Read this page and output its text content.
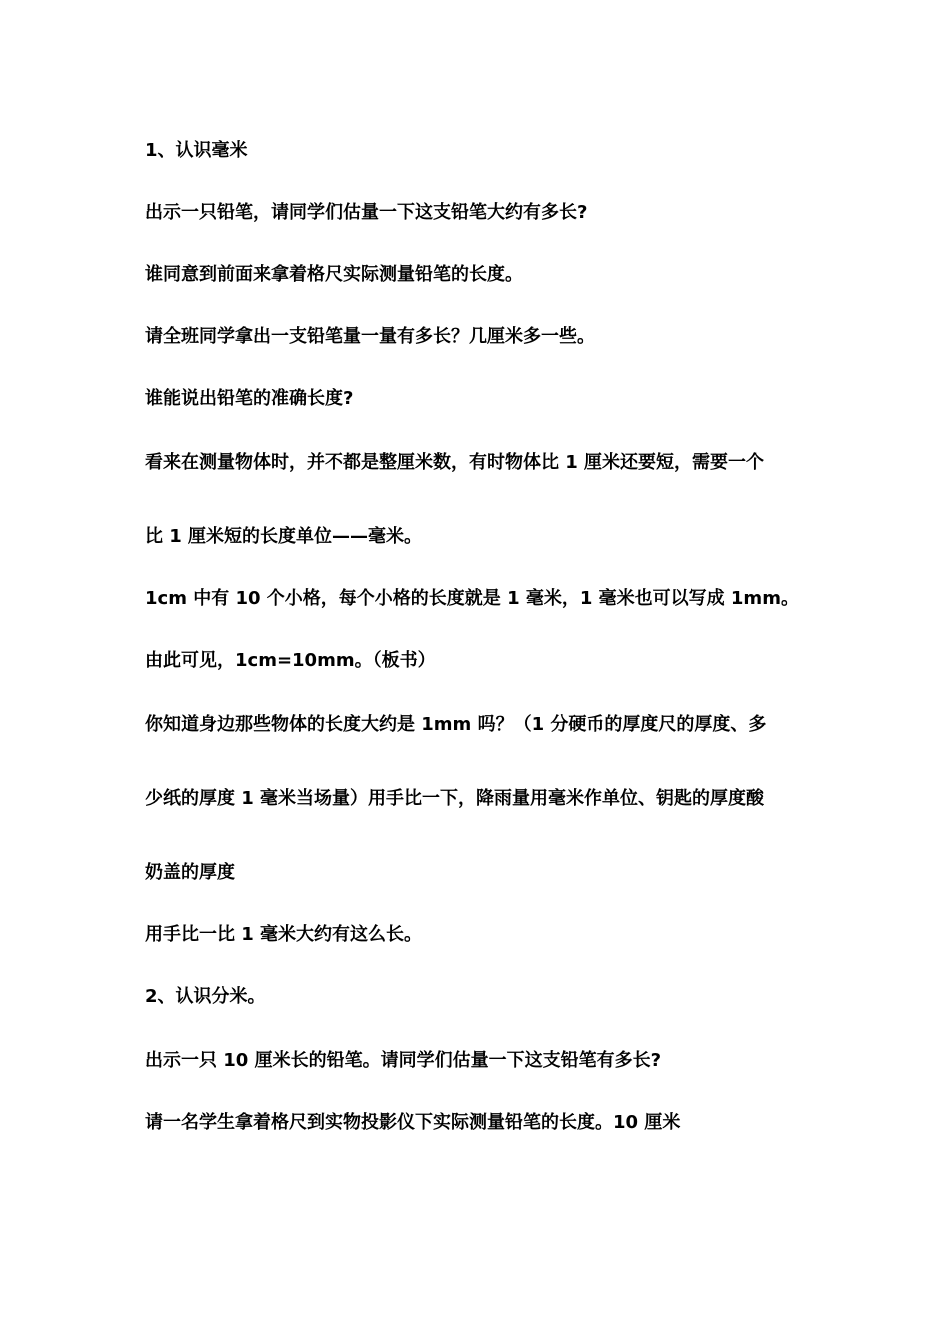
1、认识毫米
出示一只铅笔，请同学们估量一下这支铅笔大约有多长?
谁同意到前面来拿着格尺实际测量铅笔的长度。
请全班同学拿出一支铅笔量一量有多长？几厘米多一些。
谁能说出铅笔的准确长度?
看来在测量物体时，并不都是整厘米数，有时物体比 1 厘米还要短，需要一个
比 1 厘米短的长度单位——毫米。
1cm 中有 10 个小格，每个小格的长度就是 1 毫米，1 毫米也可以写成 1mm。
由此可见，1cm=10mm。（板书）
你知道身边那些物体的长度大约是 1mm 吗？（1 分硬币的厚度尺的厚度、多
少纸的厚度 1 毫米当场量）用手比一下，降雨量用毫米作单位、钥匙的厚度酸
奶盖的厚度
用手比一比 1 毫米大约有这么长。
2、认识分米。
出示一只 10 厘米长的铅笔。请同学们估量一下这支铅笔有多长?
请一名学生拿着格尺到实物投影仪下实际测量铅笔的长度。10 厘米
